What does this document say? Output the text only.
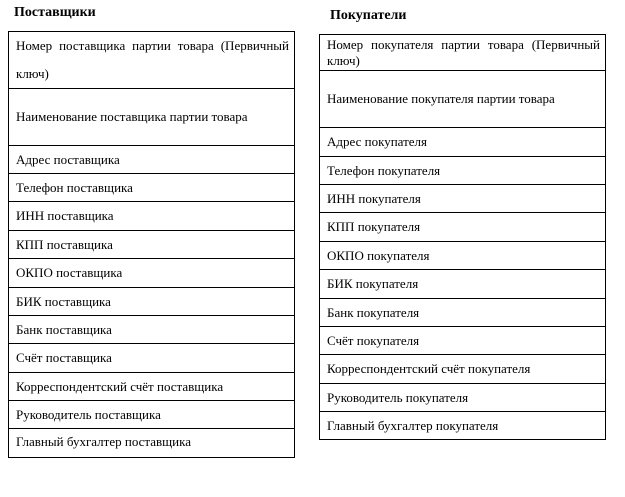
Поставщики
Номер поставщика партии товара (Первичный ключ)
Наименование поставщика партии товара
Адрес поставщика
Телефон поставщика
ИНН поставщика
КПП поставщика
ОКПО поставщика
БИК поставщика
Банк поставщика
Счёт поставщика
Корреспондентский счёт поставщика
Руководитель поставщика
Главный бухгалтер поставщика
Покупатели
Номер покупателя партии товара (Первичный ключ)
Наименование покупателя партии товара
Адрес покупателя
Телефон покупателя
ИНН покупателя
КПП покупателя
ОКПО покупателя
БИК покупателя
Банк покупателя
Счёт покупателя
Корреспондентский счёт покупателя
Руководитель покупателя
Главный бухгалтер покупателя
